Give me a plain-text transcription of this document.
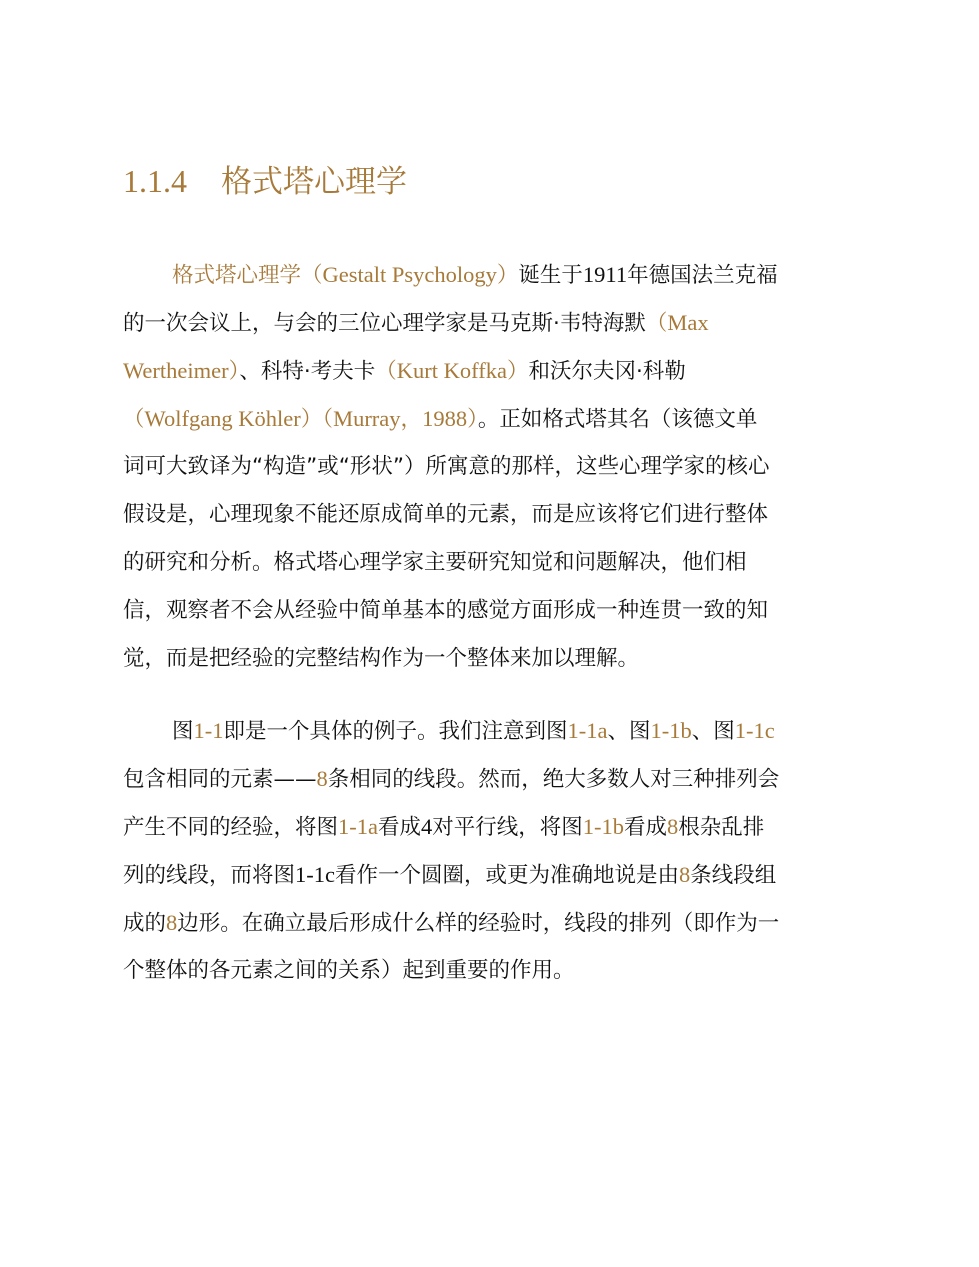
1.1.4 格式塔心理学
格式塔心理学（Gestalt Psychology）诞生于1911年德国法兰克福
的一次会议上，与会的三位心理学家是马克斯·韦特海默（Max
Wertheimer）、科特·考夫卡（Kurt Koffka）和沃尔夫冈·科勒
（Wolfgang Köhler）（Murray，1988）。正如格式塔其名（该德文单
词可大致译为“构造”或“形状”）所寓意的那样，这些心理学家的核心
假设是，心理现象不能还原成简单的元素，而是应该将它们进行整体
的研究和分析。格式塔心理学家主要研究知觉和问题解决，他们相
信，观察者不会从经验中简单基本的感觉方面形成一种连贯一致的知
觉，而是把经验的完整结构作为一个整体来加以理解。
图1-1即是一个具体的例子。我们注意到图1-1a、图1-1b、图1-1c
包含相同的元素——8条相同的线段。然而，绝大多数人对三种排列会
产生不同的经验，将图1-1a看成4对平行线，将图1-1b看成8根杂乱排
列的线段，而将图1-1c看作一个圆圈，或更为准确地说是由8条线段组
成的8边形。在确立最后形成什么样的经验时，线段的排列（即作为一
个整体的各元素之间的关系）起到重要的作用。
